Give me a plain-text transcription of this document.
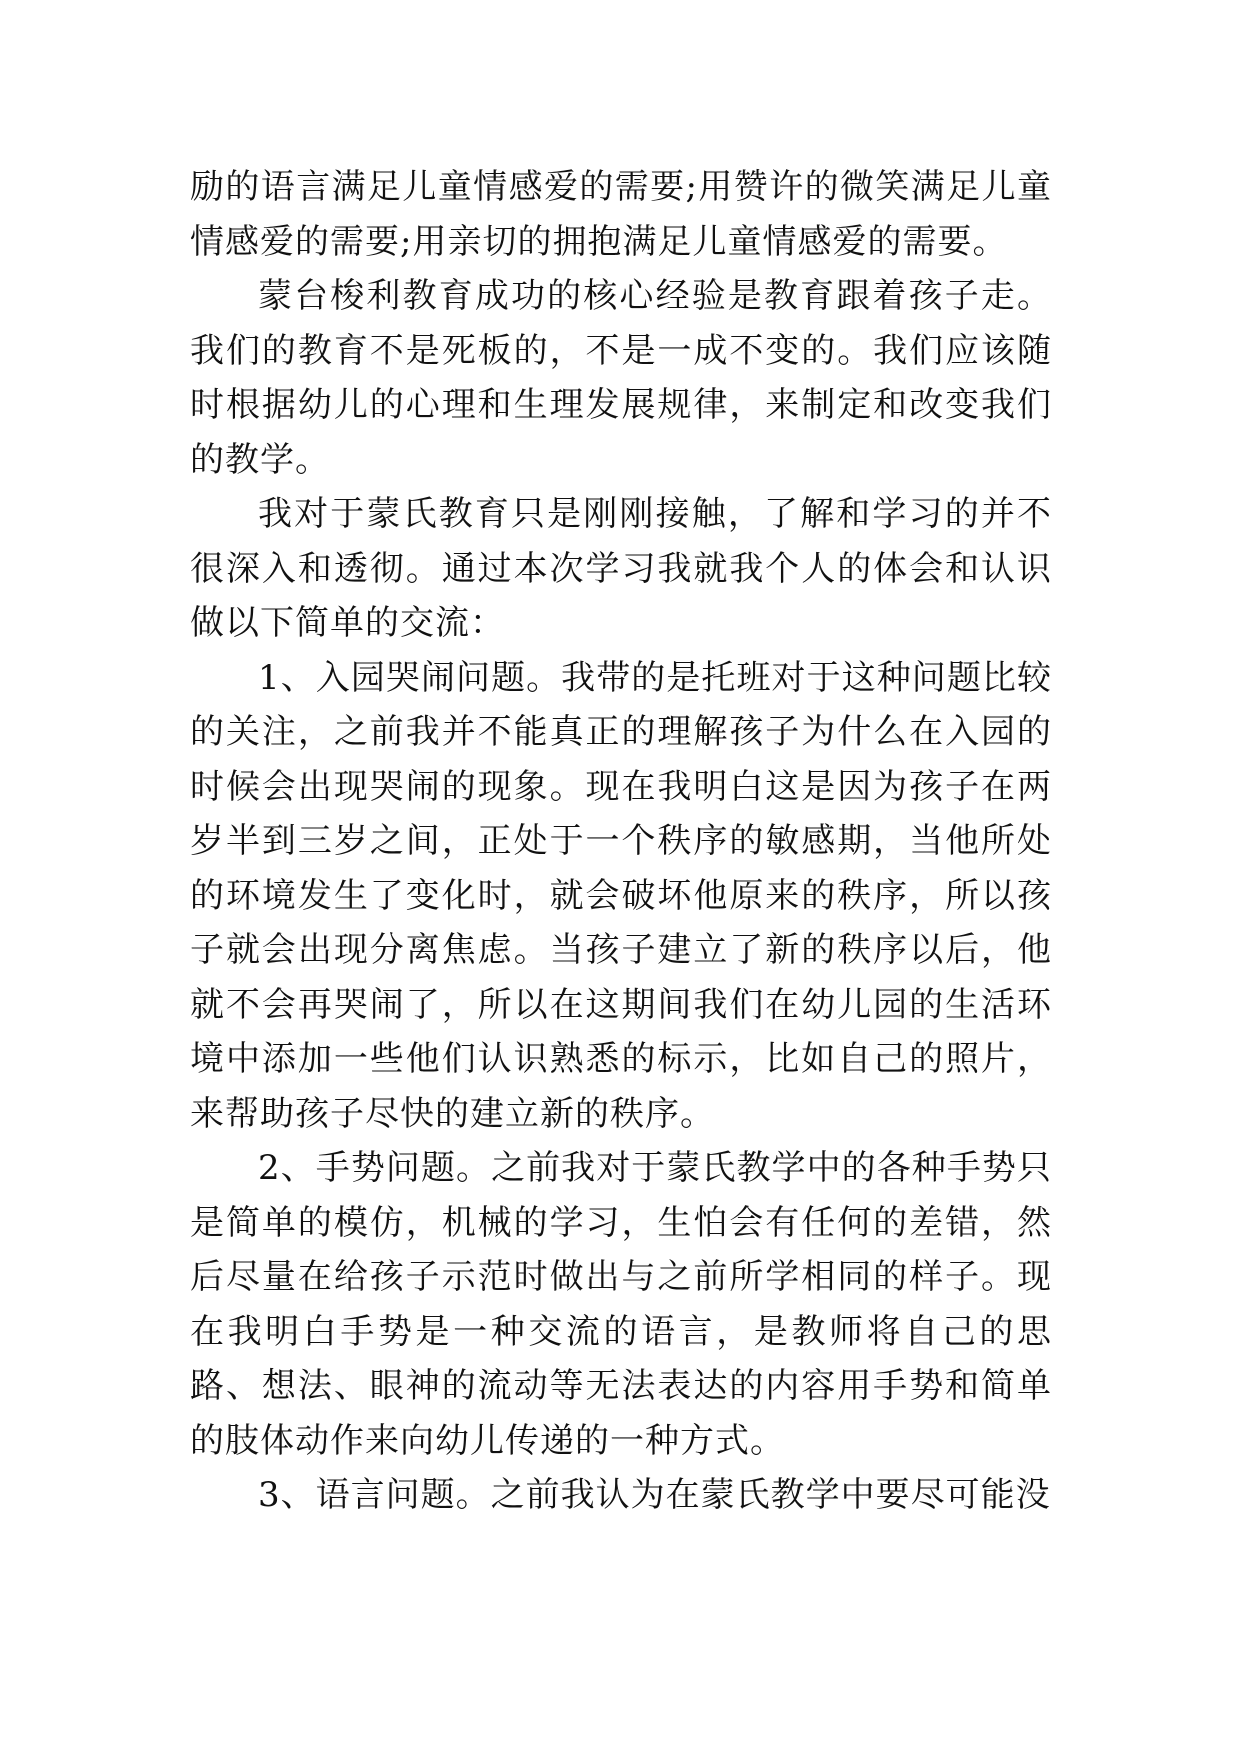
励的语言满足儿童情感爱的需要;用赞许的微笑满足儿童情感爱的需要;用亲切的拥抱满足儿童情感爱的需要。

蒙台梭利教育成功的核心经验是教育跟着孩子走。我们的教育不是死板的，不是一成不变的。我们应该随时根据幼儿的心理和生理发展规律，来制定和改变我们的教学。

我对于蒙氏教育只是刚刚接触，了解和学习的并不很深入和透彻。通过本次学习我就我个人的体会和认识做以下简单的交流：

1、入园哭闹问题。我带的是托班对于这种问题比较的关注，之前我并不能真正的理解孩子为什么在入园的时候会出现哭闹的现象。现在我明白这是因为孩子在两岁半到三岁之间，正处于一个秩序的敏感期，当他所处的环境发生了变化时，就会破坏他原来的秩序，所以孩子就会出现分离焦虑。当孩子建立了新的秩序以后，他就不会再哭闹了，所以在这期间我们在幼儿园的生活环境中添加一些他们认识熟悉的标示，比如自己的照片，来帮助孩子尽快的建立新的秩序。

2、手势问题。之前我对于蒙氏教学中的各种手势只是简单的模仿，机械的学习，生怕会有任何的差错，然后尽量在给孩子示范时做出与之前所学相同的样子。现在我明白手势是一种交流的语言，是教师将自己的思路、想法、眼神的流动等无法表达的内容用手势和简单的肢体动作来向幼儿传递的一种方式。

3、语言问题。之前我认为在蒙氏教学中要尽可能没
